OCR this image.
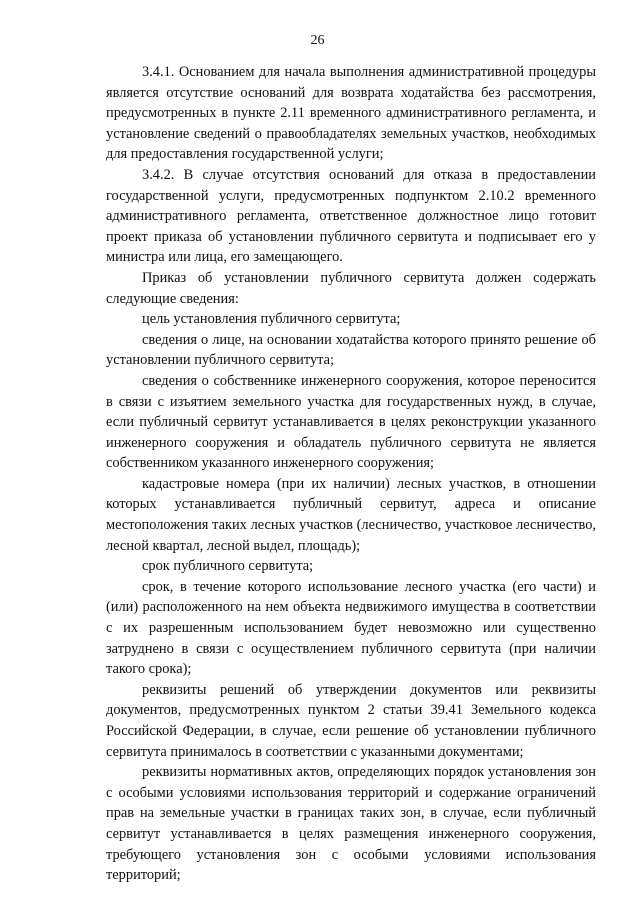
26

3.4.1. Основанием для начала выполнения административной процедуры является отсутствие оснований для возврата ходатайства без рассмотрения, предусмотренных в пункте 2.11 временного административного регламента, и установление сведений о правообладателях земельных участков, необходимых для предоставления государственной услуги;

3.4.2. В случае отсутствия оснований для отказа в предоставлении государственной услуги, предусмотренных подпунктом 2.10.2 временного административного регламента, ответственное должностное лицо готовит проект приказа об установлении публичного сервитута и подписывает его у министра или лица, его замещающего.

Приказ об установлении публичного сервитута должен содержать следующие сведения:

цель установления публичного сервитута;

сведения о лице, на основании ходатайства которого принято решение об установлении публичного сервитута;

сведения о собственнике инженерного сооружения, которое переносится в связи с изъятием земельного участка для государственных нужд, в случае, если публичный сервитут устанавливается в целях реконструкции указанного инженерного сооружения и обладатель публичного сервитута не является собственником указанного инженерного сооружения;

кадастровые номера (при их наличии) лесных участков, в отношении которых устанавливается публичный сервитут, адреса и описание местоположения таких лесных участков (лесничество, участковое лесничество, лесной квартал, лесной выдел, площадь);

срок публичного сервитута;

срок, в течение которого использование лесного участка (его части) и (или) расположенного на нем объекта недвижимого имущества в соответствии с их разрешенным использованием будет невозможно или существенно затруднено в связи с осуществлением публичного сервитута (при наличии такого срока);

реквизиты решений об утверждении документов или реквизиты документов, предусмотренных пунктом 2 статьи 39.41 Земельного кодекса Российской Федерации, в случае, если решение об установлении публичного сервитута принималось в соответствии с указанными документами;

реквизиты нормативных актов, определяющих порядок установления зон с особыми условиями использования территорий и содержание ограничений прав на земельные участки в границах таких зон, в случае, если публичный сервитут устанавливается в целях размещения инженерного сооружения, требующего установления зон с особыми условиями использования территорий;
